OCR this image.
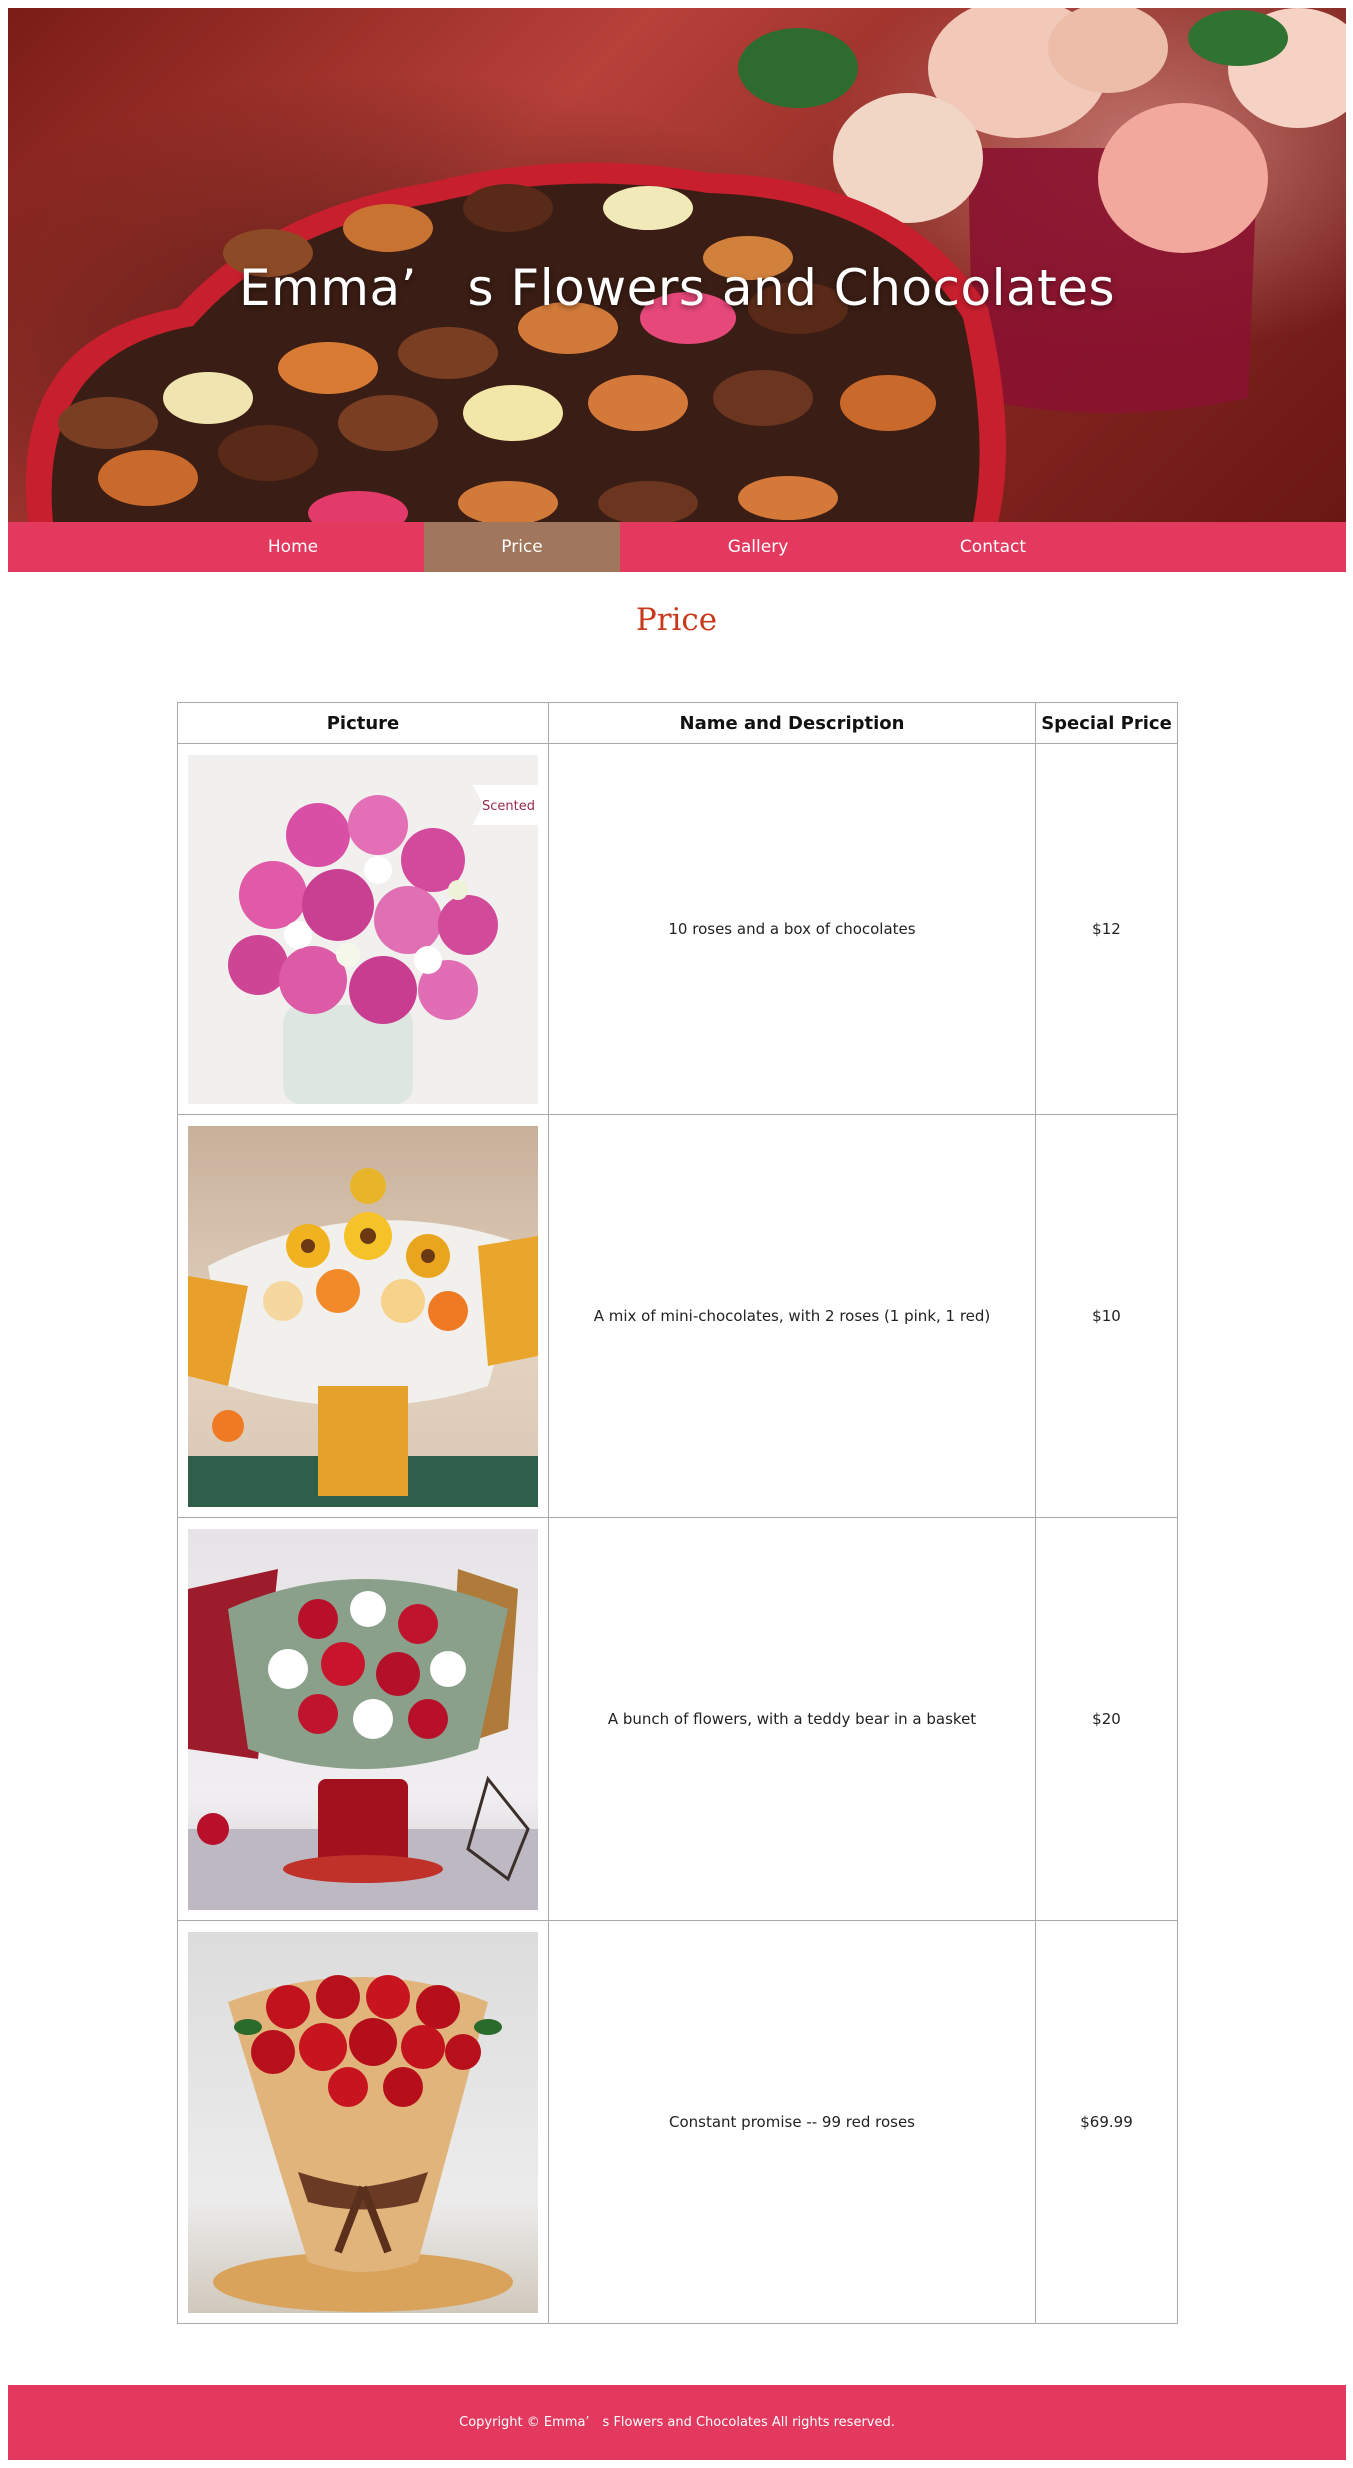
Emma’　s Flowers and Chocolates
Home	Price	Gallery	Contact
Price
Picture	Name and Description	Special Price

Scented	10 roses and a box of chocolates	$12

	A mix of mini-chocolates, with 2 roses (1 pink, 1 red)	$10

	A bunch of flowers, with a teddy bear in a basket	$20

	Constant promise -- 99 red roses	$69.99
Copyright © Emma’　s Flowers and Chocolates All rights reserved.
